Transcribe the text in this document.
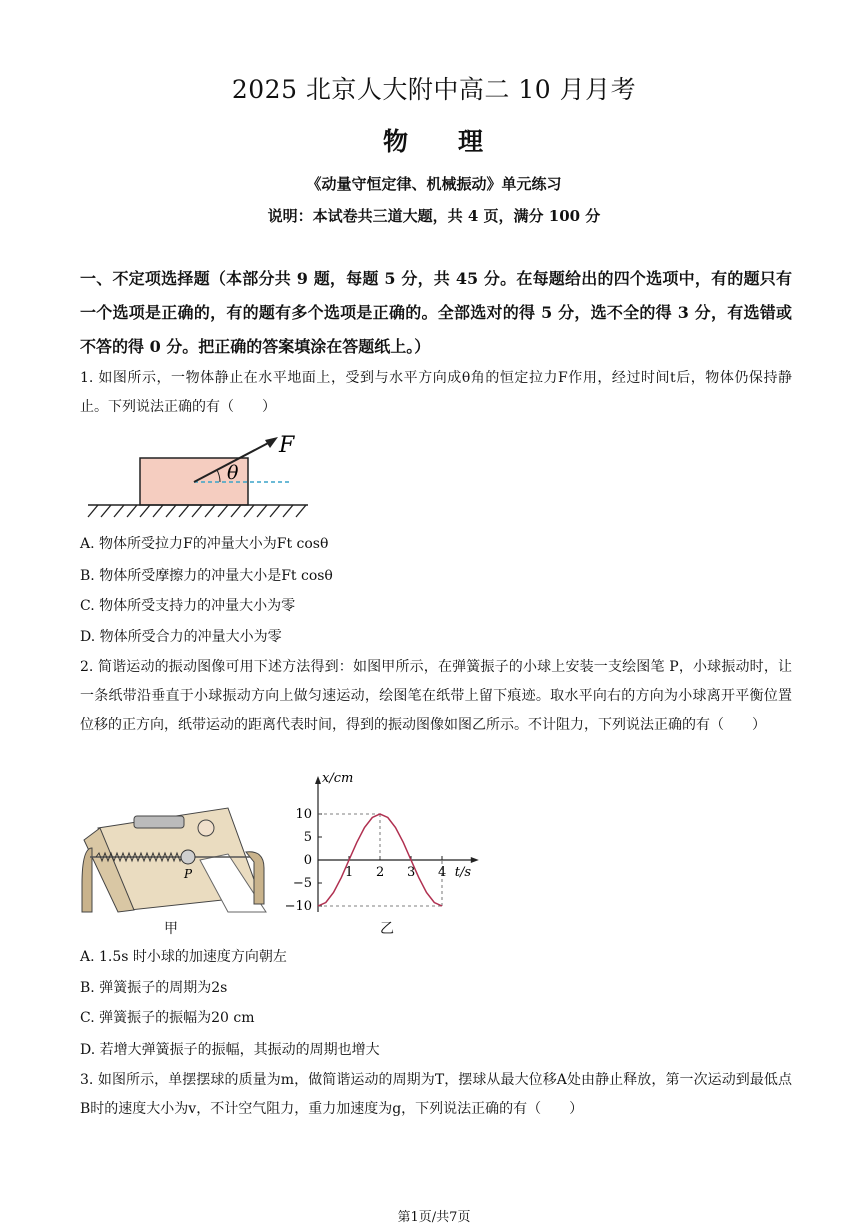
2025 北京人大附中高二 10 月月考
物 理
《动量守恒定律、机械振动》单元练习
说明：本试卷共三道大题，共 4 页，满分 100 分
一、不定项选择题（本部分共 9 题，每题 5 分，共 45 分。在每题给出的四个选项中，有的题只有一个选项是正确的，有的题有多个选项是正确的。全部选对的得 5 分，选不全的得 3 分，有选错或不答的得 0 分。把正确的答案填涂在答题纸上。）
1. 如图所示，一物体静止在水平地面上，受到与水平方向成θ角的恒定拉力F作用，经过时间t后，物体仍保持静止。下列说法正确的有（　　）
F
θ
A. 物体所受拉力F的冲量大小为Ft cosθ
B. 物体所受摩擦力的冲量大小是Ft cosθ
C. 物体所受支持力的冲量大小为零
D. 物体所受合力的冲量大小为零
2. 简谐运动的振动图像可用下述方法得到：如图甲所示，在弹簧振子的小球上安装一支绘图笔 P，小球振动时，让一条纸带沿垂直于小球振动方向上做匀速运动，绘图笔在纸带上留下痕迹。取水平向右的方向为小球离开平衡位置位移的正方向，纸带运动的距离代表时间，得到的振动图像如图乙所示。不计阻力，下列说法正确的有（　　）
P
甲
1 2 3 4
10
5
0
−5
−10
t/s
x/cm
乙
A. 1.5s 时小球的加速度方向朝左
B. 弹簧振子的周期为2s
C. 弹簧振子的振幅为20 cm
D. 若增大弹簧振子的振幅，其振动的周期也增大
3. 如图所示，单摆摆球的质量为m，做简谐运动的周期为T，摆球从最大位移A处由静止释放，第一次运动到最低点B时的速度大小为v，不计空气阻力，重力加速度为g，下列说法正确的有（　　）
第1页/共7页
